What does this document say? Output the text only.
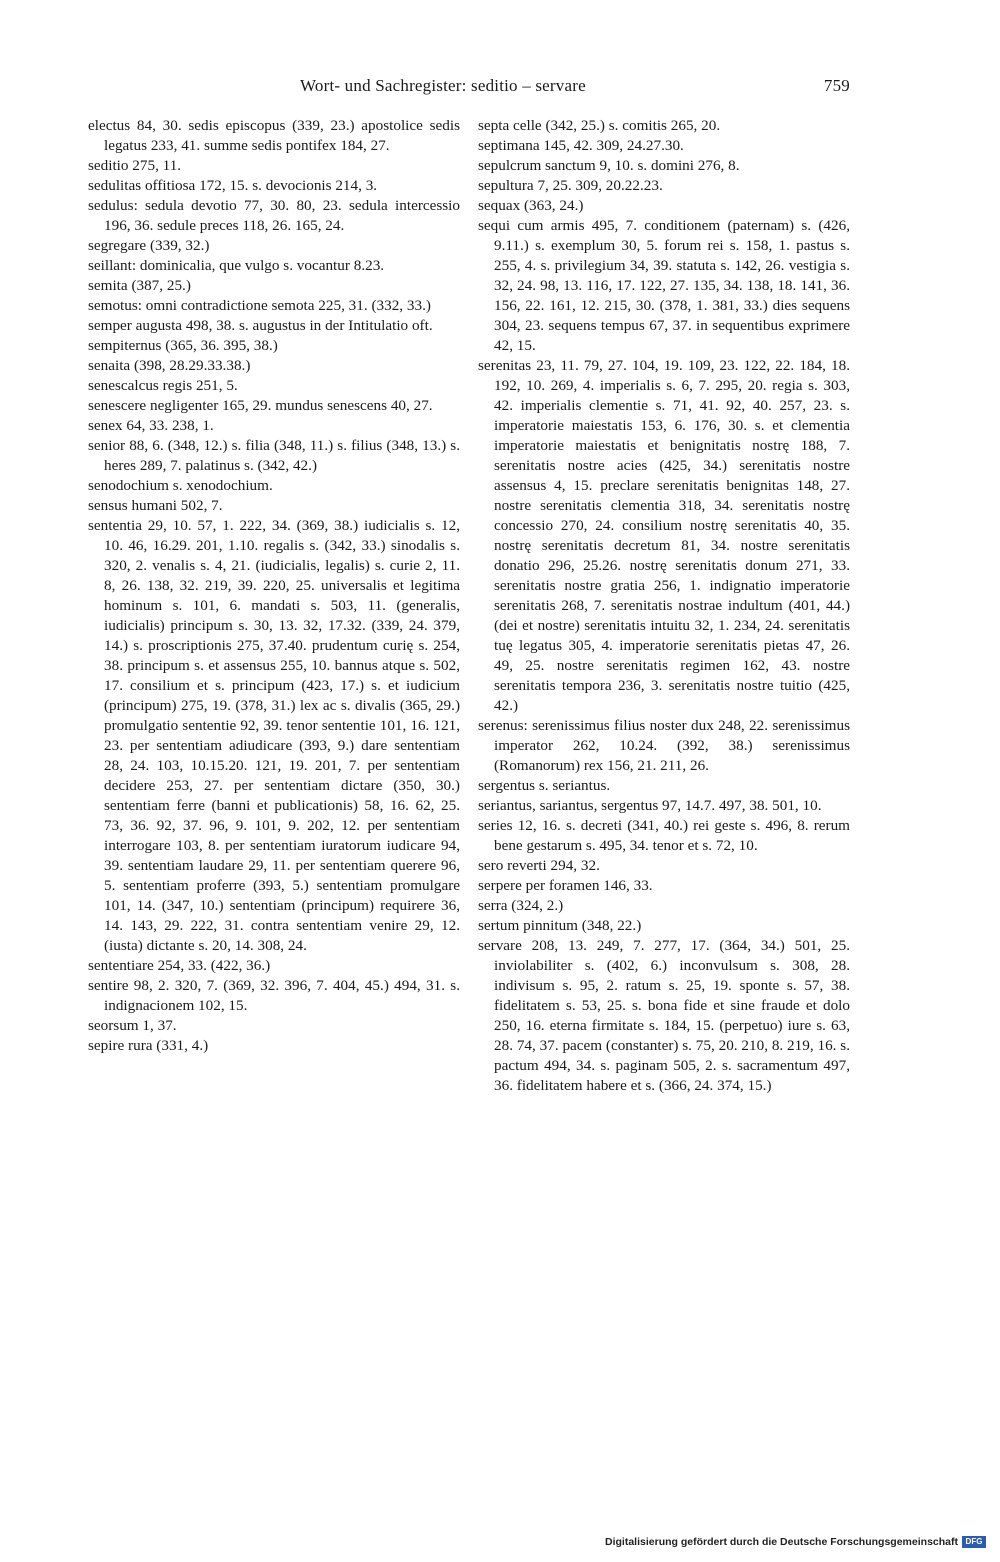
Wort- und Sachregister: seditio – servare	759

electus 84, 30. sedis episcopus (339, 23.) apostolice sedis legatus 233, 41. summe sedis pontifex 184, 27.

seditio 275, 11.

sedulitas offitiosa 172, 15. s. devocionis 214, 3.

sedulus: sedula devotio 77, 30. 80, 23. sedula intercessio 196, 36. sedule preces 118, 26. 165, 24.

segregare (339, 32.)

seillant: dominicalia, que vulgo s. vocantur 8.23.

semita (387, 25.)

semotus: omni contradictione semota 225, 31. (332, 33.)

semper augusta 498, 38. s. augustus in der Intitulatio oft.

sempiternus (365, 36. 395, 38.)

senaita (398, 28.29.33.38.)

senescalcus regis 251, 5.

senescere negligenter 165, 29. mundus senescens 40, 27.

senex 64, 33. 238, 1.

senior 88, 6. (348, 12.) s. filia (348, 11.) s. filius (348, 13.) s. heres 289, 7. palatinus s. (342, 42.)

senodochium s. xenodochium.

sensus humani 502, 7.

sententia 29, 10. 57, 1. 222, 34. (369, 38.) iudicialis s. 12, 10. 46, 16.29. 201, 1.10. regalis s. (342, 33.) sinodalis s. 320, 2. venalis s. 4, 21. (iudicialis, legalis) s. curie 2, 11. 8, 26. 138, 32. 219, 39. 220, 25. universalis et legitima hominum s. 101, 6. mandati s. 503, 11. (generalis, iudicialis) principum s. 30, 13. 32, 17.32. (339, 24. 379, 14.) s. proscriptionis 275, 37.40. prudentum curię s. 254, 38. principum s. et assensus 255, 10. bannus atque s. 502, 17. consilium et s. principum (423, 17.) s. et iudicium (principum) 275, 19. (378, 31.) lex ac s. divalis (365, 29.) promulgatio sententie 92, 39. tenor sententie 101, 16. 121, 23. per sententiam adiudicare (393, 9.) dare sententiam 28, 24. 103, 10.15.20. 121, 19. 201, 7. per sententiam decidere 253, 27. per sententiam dictare (350, 30.) sententiam ferre (banni et publicationis) 58, 16. 62, 25. 73, 36. 92, 37. 96, 9. 101, 9. 202, 12. per sententiam interrogare 103, 8. per sententiam iuratorum iudicare 94, 39. sententiam laudare 29, 11. per sententiam querere 96, 5. sententiam proferre (393, 5.) sententiam promulgare 101, 14. (347, 10.) sententiam (principum) requirere 36, 14. 143, 29. 222, 31. contra sententiam venire 29, 12. (iusta) dictante s. 20, 14. 308, 24.

sententiare 254, 33. (422, 36.)

sentire 98, 2. 320, 7. (369, 32. 396, 7. 404, 45.) 494, 31. s. indignacionem 102, 15.

seorsum 1, 37.

sepire rura (331, 4.)

septa celle (342, 25.) s. comitis 265, 20.

septimana 145, 42. 309, 24.27.30.

sepulcrum sanctum 9, 10. s. domini 276, 8.

sepultura 7, 25. 309, 20.22.23.

sequax (363, 24.)

sequi cum armis 495, 7. conditionem (paternam) s. (426, 9.11.) s. exemplum 30, 5. forum rei s. 158, 1. pastus s. 255, 4. s. privilegium 34, 39. statuta s. 142, 26. vestigia s. 32, 24. 98, 13. 116, 17. 122, 27. 135, 34. 138, 18. 141, 36. 156, 22. 161, 12. 215, 30. (378, 1. 381, 33.) dies sequens 304, 23. sequens tempus 67, 37. in sequentibus exprimere 42, 15.

serenitas 23, 11. 79, 27. 104, 19. 109, 23. 122, 22. 184, 18. 192, 10. 269, 4. imperialis s. 6, 7. 295, 20. regia s. 303, 42. imperialis clementie s. 71, 41. 92, 40. 257, 23. s. imperatorie maiestatis 153, 6. 176, 30. s. et clementia imperatorie maiestatis et benignitatis nostrę 188, 7. serenitatis nostre acies (425, 34.) serenitatis nostre assensus 4, 15. preclare serenitatis benignitas 148, 27. nostre serenitatis clementia 318, 34. serenitatis nostrę concessio 270, 24. consilium nostrę serenitatis 40, 35. nostrę serenitatis decretum 81, 34. nostre serenitatis donatio 296, 25.26. nostrę serenitatis donum 271, 33. serenitatis nostre gratia 256, 1. indignatio imperatorie serenitatis 268, 7. serenitatis nostrae indultum (401, 44.) (dei et nostre) serenitatis intuitu 32, 1. 234, 24. serenitatis tuę legatus 305, 4. imperatorie serenitatis pietas 47, 26. 49, 25. nostre serenitatis regimen 162, 43. nostre serenitatis tempora 236, 3. serenitatis nostre tuitio (425, 42.)

serenus: serenissimus filius noster dux 248, 22. serenissimus imperator 262, 10.24. (392, 38.) serenissimus (Romanorum) rex 156, 21. 211, 26.

sergentus s. seriantus.

seriantus, sariantus, sergentus 97, 14.7. 497, 38. 501, 10.

series 12, 16. s. decreti (341, 40.) rei geste s. 496, 8. rerum bene gestarum s. 495, 34. tenor et s. 72, 10.

sero reverti 294, 32.

serpere per foramen 146, 33.

serra (324, 2.)

sertum pinnitum (348, 22.)

servare 208, 13. 249, 7. 277, 17. (364, 34.) 501, 25. inviolabiliter s. (402, 6.) inconvulsum s. 308, 28. indivisum s. 95, 2. ratum s. 25, 19. sponte s. 57, 38. fidelitatem s. 53, 25. s. bona fide et sine fraude et dolo 250, 16. eterna firmitate s. 184, 15. (perpetuo) iure s. 63, 28. 74, 37. pacem (constanter) s. 75, 20. 210, 8. 219, 16. s. pactum 494, 34. s. paginam 505, 2. s. sacramentum 497, 36. fidelitatem habere et s. (366, 24. 374, 15.)

Digitalisierung gefördert durch die Deutsche Forschungsgemeinschaft DFG
